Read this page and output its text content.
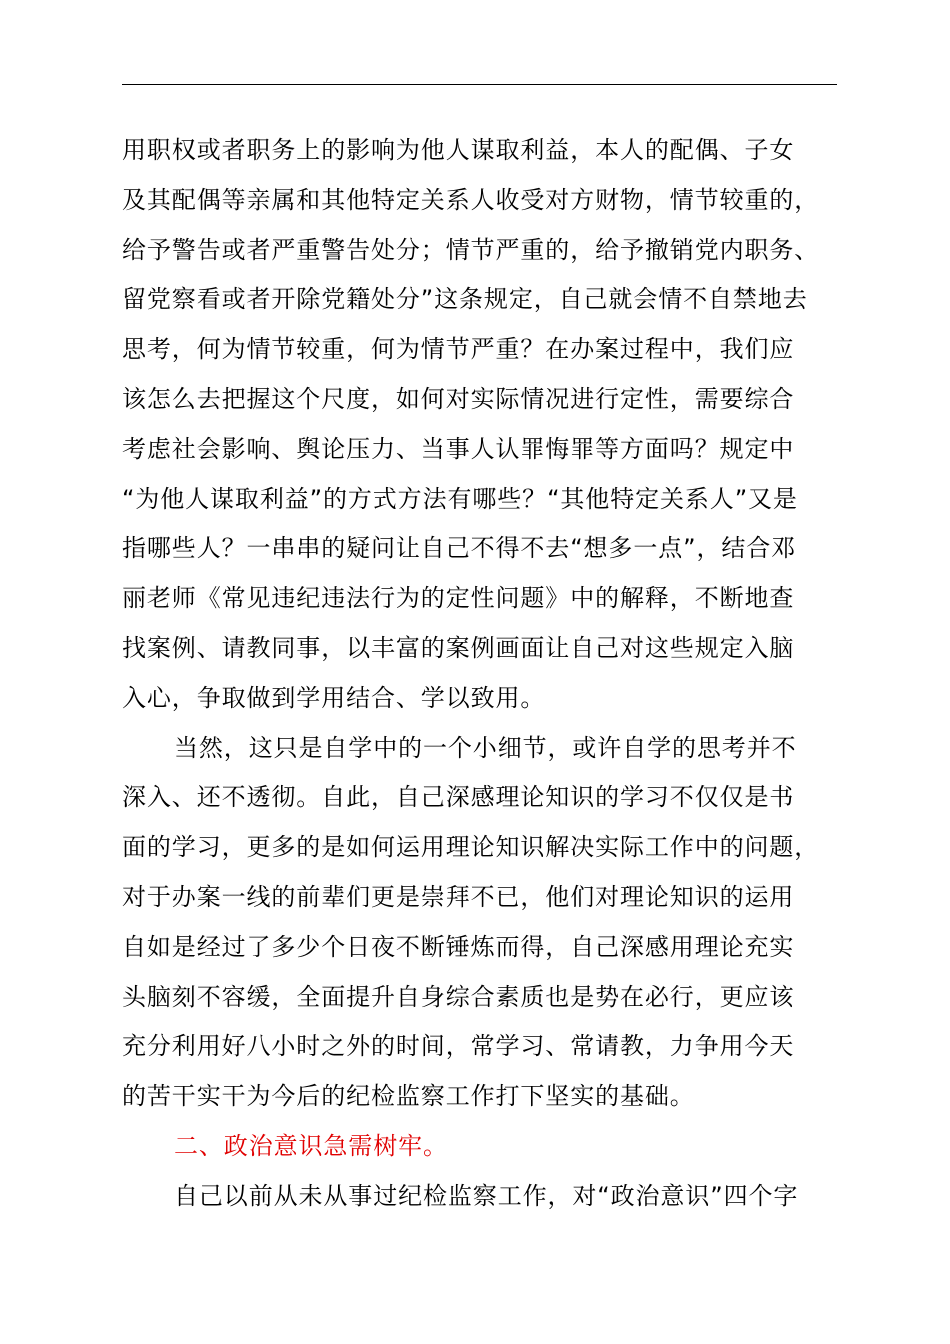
用职权或者职务上的影响为他人谋取利益，本人的配偶、子女
及其配偶等亲属和其他特定关系人收受对方财物，情节较重的，
给予警告或者严重警告处分；情节严重的，给予撤销党内职务、
留党察看或者开除党籍处分”这条规定，自己就会情不自禁地去
思考，何为情节较重，何为情节严重？在办案过程中，我们应
该怎么去把握这个尺度，如何对实际情况进行定性，需要综合
考虑社会影响、舆论压力、当事人认罪悔罪等方面吗？规定中
“为他人谋取利益”的方式方法有哪些？“其他特定关系人”又是
指哪些人？一串串的疑问让自己不得不去“想多一点”，结合邓
丽老师《常见违纪违法行为的定性问题》中的解释，不断地查
找案例、请教同事，以丰富的案例画面让自己对这些规定入脑
入心，争取做到学用结合、学以致用。
当然，这只是自学中的一个小细节，或许自学的思考并不
深入、还不透彻。自此，自己深感理论知识的学习不仅仅是书
面的学习，更多的是如何运用理论知识解决实际工作中的问题，
对于办案一线的前辈们更是崇拜不已，他们对理论知识的运用
自如是经过了多少个日夜不断锤炼而得，自己深感用理论充实
头脑刻不容缓，全面提升自身综合素质也是势在必行，更应该
充分利用好八小时之外的时间，常学习、常请教，力争用今天
的苦干实干为今后的纪检监察工作打下坚实的基础。
二、政治意识急需树牢。
自己以前从未从事过纪检监察工作，对“政治意识”四个字
